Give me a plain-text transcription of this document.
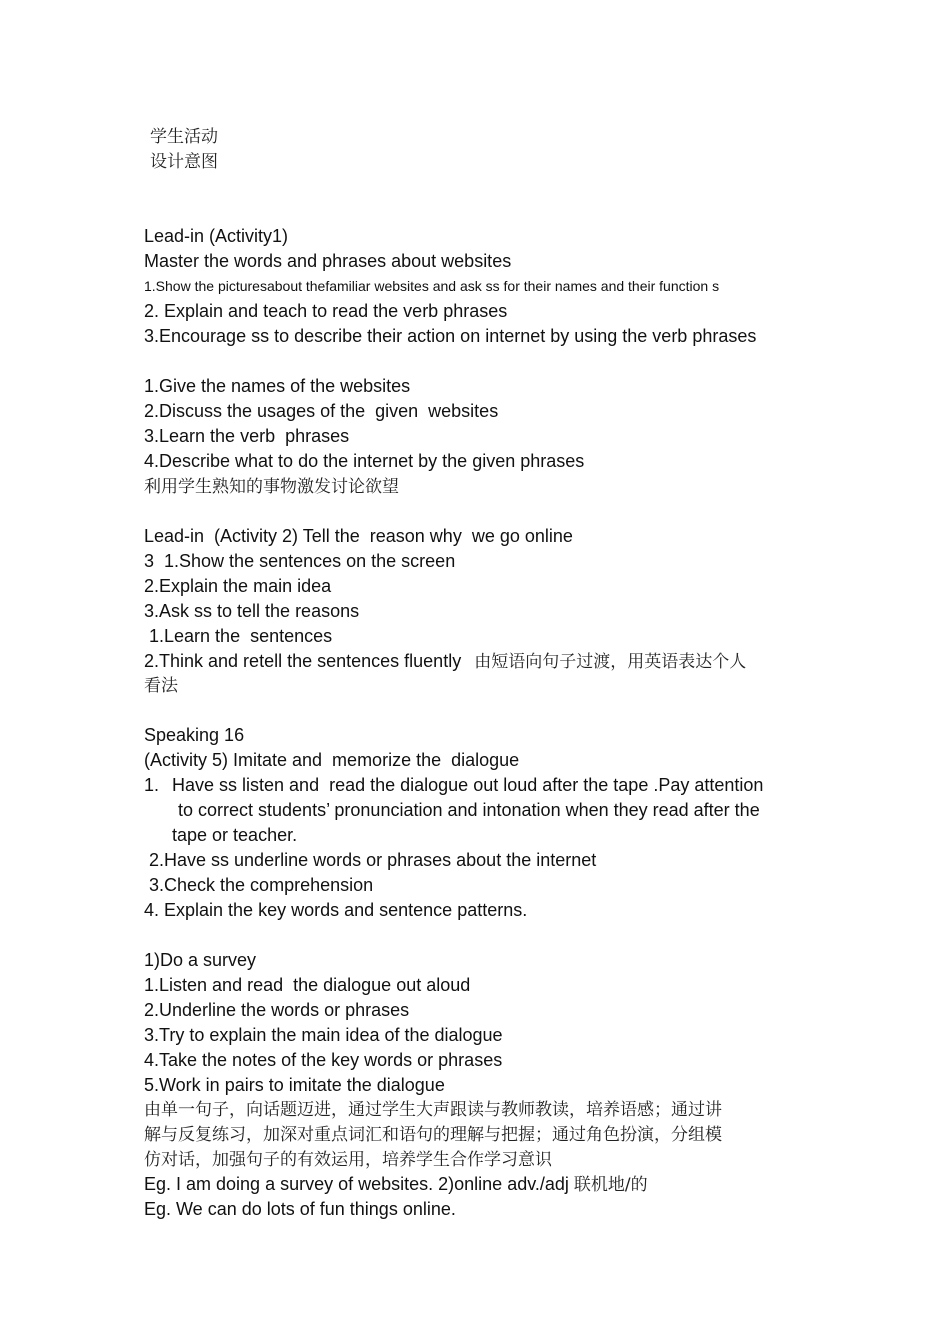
学生活动
设计意图
Lead-in (Activity1)
Master the words and phrases about websites
1.Show the picturesabout thefamiliar websites and ask ss for their names and their function s
2. Explain and teach to read the verb phrases
3.Encourage ss to describe their action on internet by using the verb phrases
1.Give the names of the websites
2.Discuss the usages of the  given  websites
3.Learn the verb  phrases
4.Describe what to do the internet by the given phrases
利用学生熟知的事物激发讨论欲望
Lead-in  (Activity 2) Tell the  reason why  we go online
3  1.Show the sentences on the screen
2.Explain the main idea
3.Ask ss to tell the reasons
1.Learn the  sentences
2.Think and retell the sentences fluently 由短语向句子过渡，用英语表达个人
看法
Speaking 16
(Activity 5) Imitate and  memorize the  dialogue
1. Have ss listen and  read the dialogue out loud after the tape .Pay attention
to correct students’ pronunciation and intonation when they read after the
tape or teacher.
2.Have ss underline words or phrases about the internet
3.Check the comprehension
4. Explain the key words and sentence patterns.
1)Do a survey
1.Listen and read  the dialogue out aloud
2.Underline the words or phrases
3.Try to explain the main idea of the dialogue
4.Take the notes of the key words or phrases
5.Work in pairs to imitate the dialogue
由单一句子，向话题迈进，通过学生大声跟读与教师教读，培养语感；通过讲
解与反复练习，加深对重点词汇和语句的理解与把握；通过角色扮演，分组模
仿对话，加强句子的有效运用，培养学生合作学习意识
Eg. I am doing a survey of websites. 2)online adv./adj 联机地/的
Eg. We can do lots of fun things online.
